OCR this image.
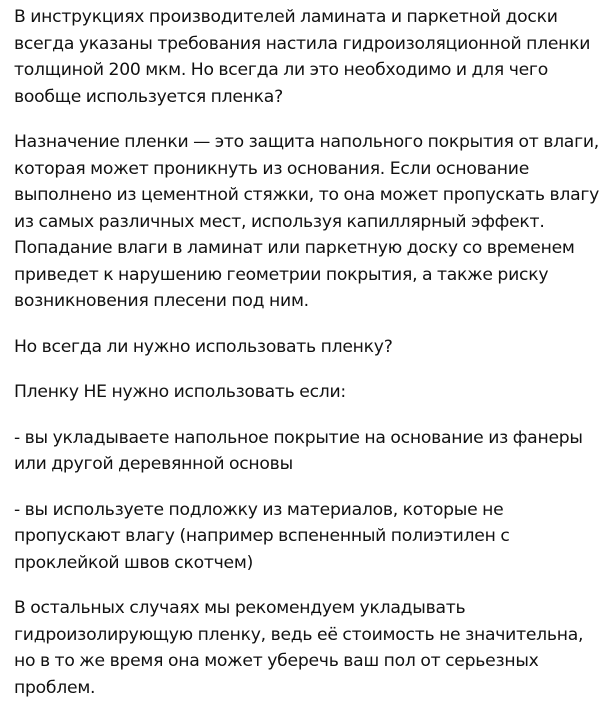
В инструкциях производителей ламината и паркетной доски всегда указаны требования настила гидроизоляционной пленки толщиной 200 мкм. Но всегда ли это необходимо и для чего вообще используется пленка?

Назначение пленки — это защита напольного покрытия от влаги, которая может проникнуть из основания. Если основание выполнено из цементной стяжки, то она может пропускать влагу из самых различных мест, используя капиллярный эффект. Попадание влаги в ламинат или паркетную доску со временем приведет к нарушению геометрии покрытия, а также риску возникновения плесени под ним.

Но всегда ли нужно использовать пленку?

Пленку НЕ нужно использовать если:

- вы укладываете напольное покрытие на основание из фанеры или другой деревянной основы

- вы используете подложку из материалов, которые не пропускают влагу (например вспененный полиэтилен с проклейкой швов скотчем)

В остальных случаях мы рекомендуем укладывать гидроизолирующую пленку, ведь её стоимость не значительна, но в то же время она может уберечь ваш пол от серьезных проблем.
